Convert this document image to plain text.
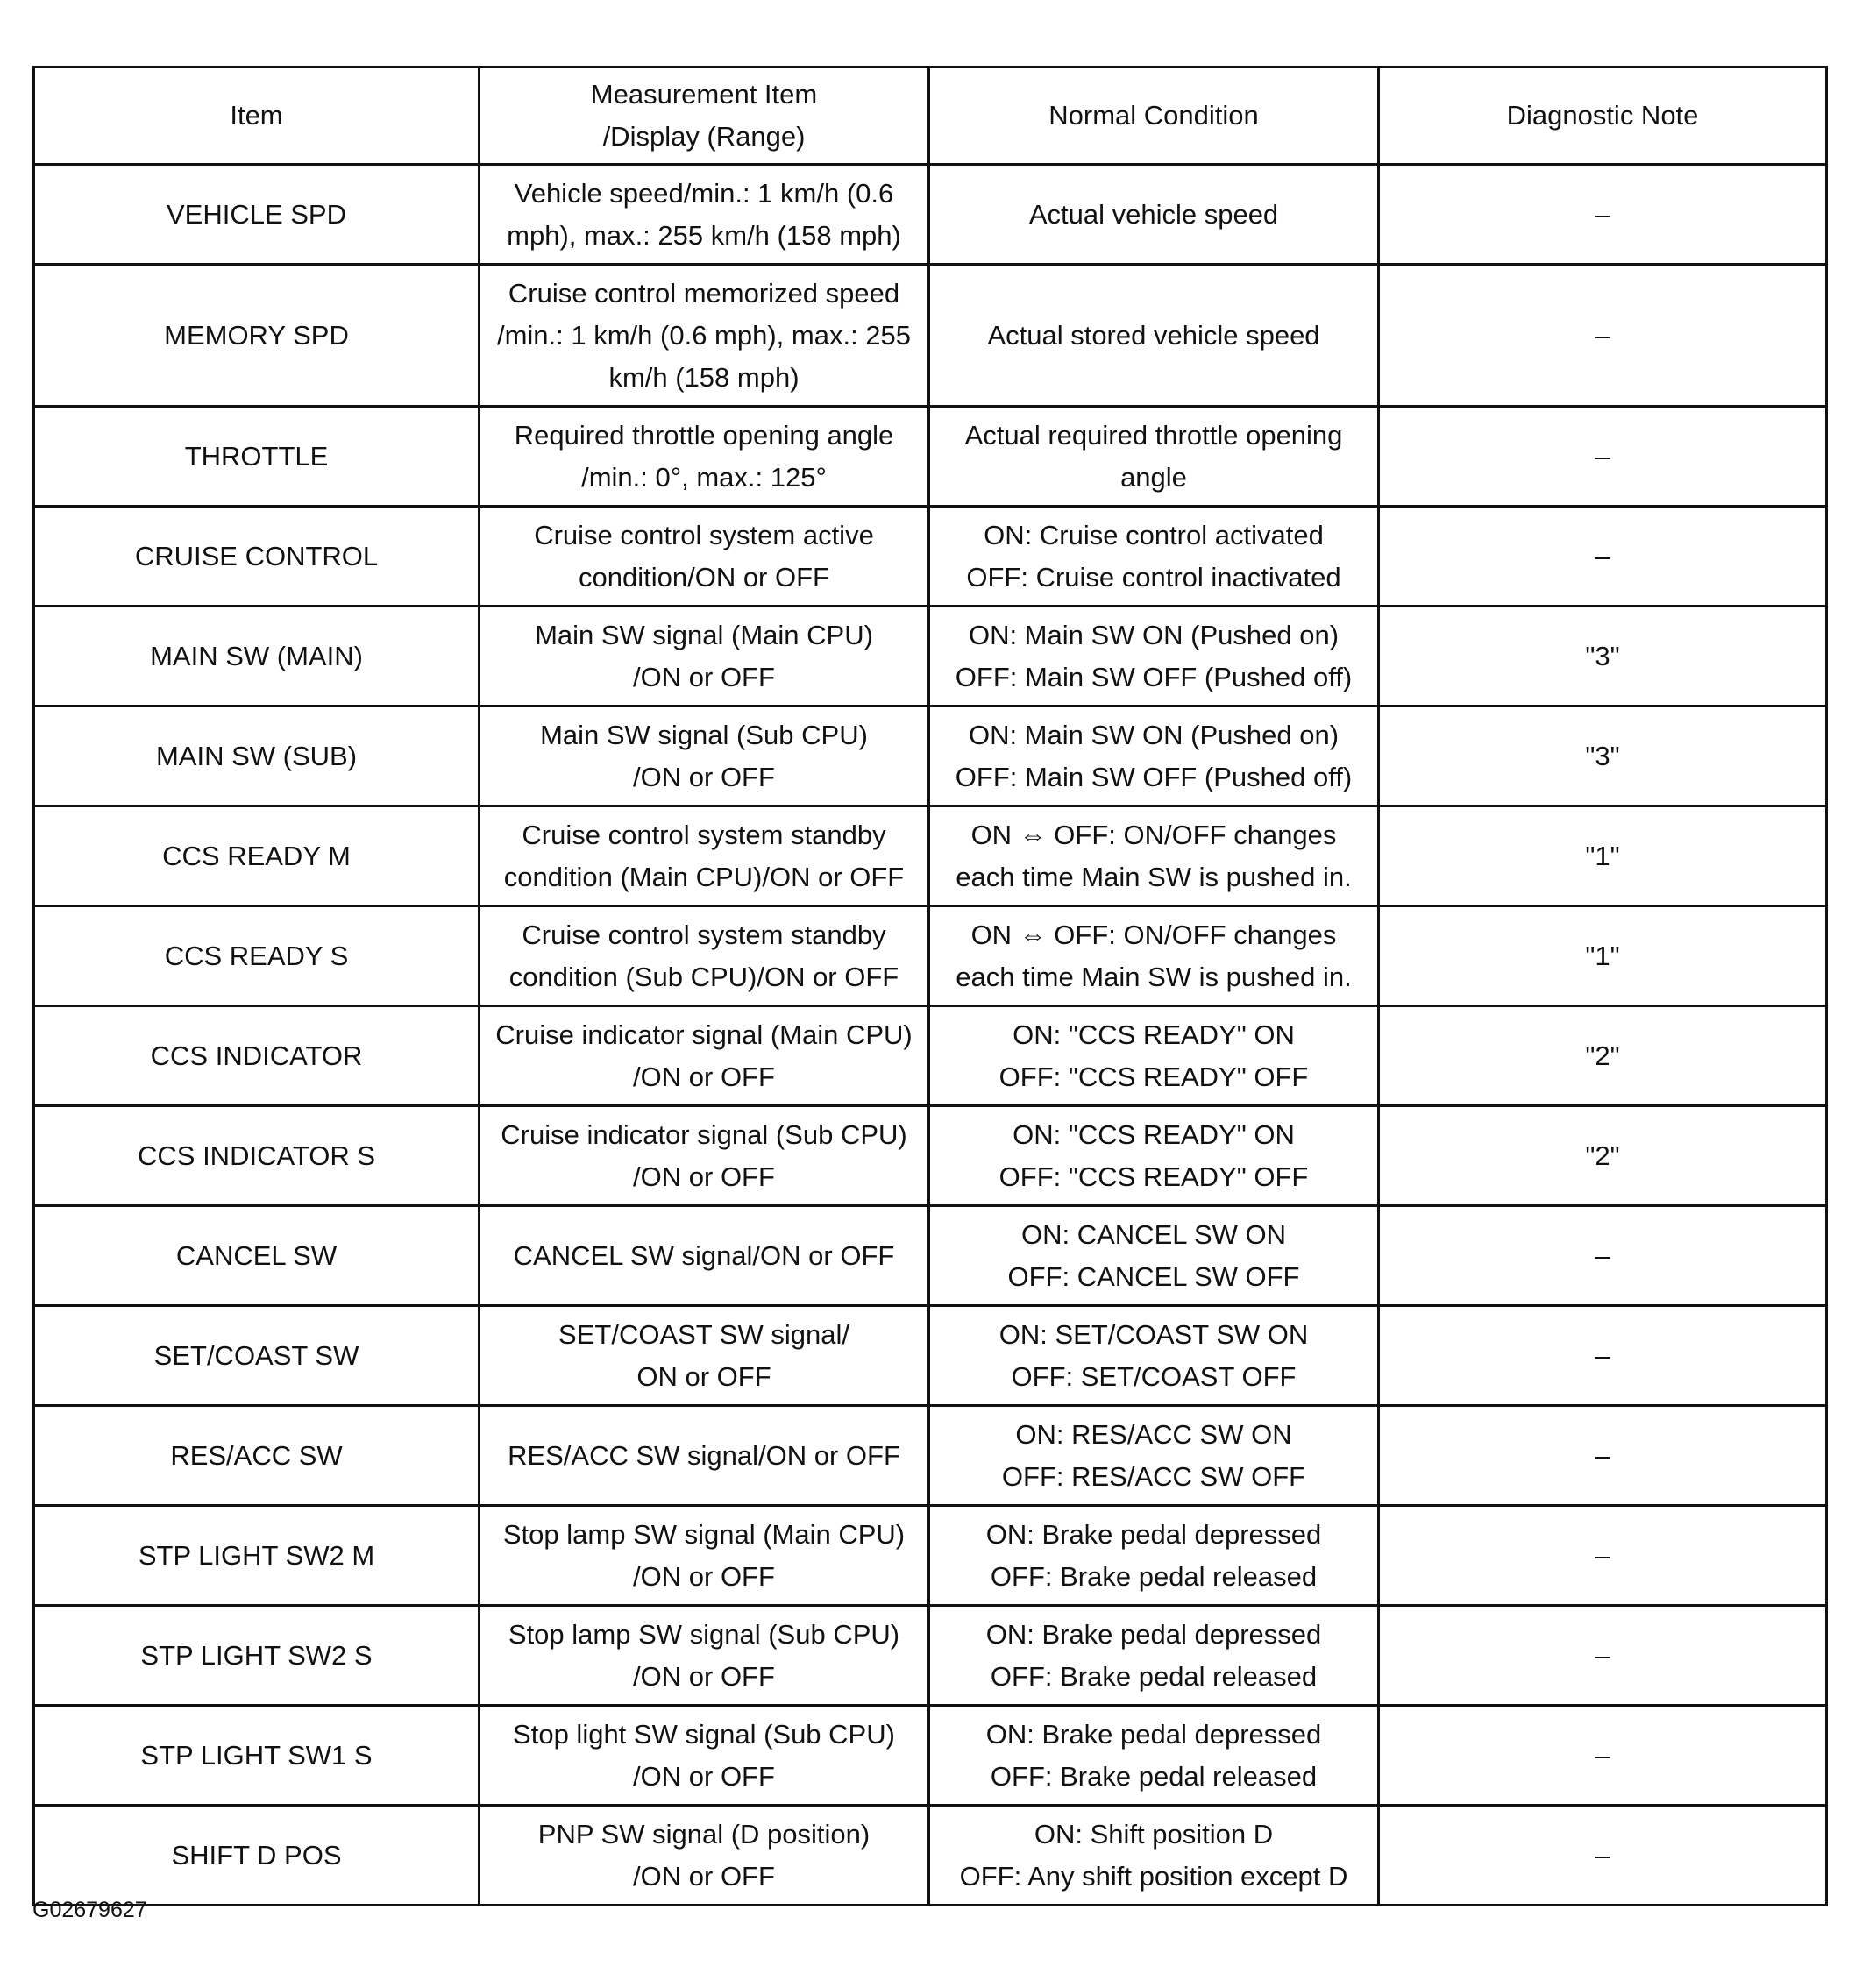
Item	Measurement Item
/Display (Range)	Normal Condition	Diagnostic Note
VEHICLE SPD	Vehicle speed/min.: 1 km/h (0.6
mph), max.: 255 km/h (158 mph)	Actual vehicle speed	–
MEMORY SPD	Cruise control memorized speed
/min.: 1 km/h (0.6 mph), max.: 255
km/h (158 mph)	Actual stored vehicle speed	–
THROTTLE	Required throttle opening angle
/min.: 0°, max.: 125°	Actual required throttle opening
angle	–
CRUISE CONTROL	Cruise control system active
condition/ON or OFF	ON: Cruise control activated
OFF: Cruise control inactivated	–
MAIN SW (MAIN)	Main SW signal (Main CPU)
/ON or OFF	ON: Main SW ON (Pushed on)
OFF: Main SW OFF (Pushed off)	"3"
MAIN SW (SUB)	Main SW signal (Sub CPU)
/ON or OFF	ON: Main SW ON (Pushed on)
OFF: Main SW OFF (Pushed off)	"3"
CCS READY M	Cruise control system standby
condition (Main CPU)/ON or OFF	ON ⇔ OFF: ON/OFF changes
each time Main SW is pushed in.	"1"
CCS READY S	Cruise control system standby
condition (Sub CPU)/ON or OFF	ON ⇔ OFF: ON/OFF changes
each time Main SW is pushed in.	"1"
CCS INDICATOR	Cruise indicator signal (Main CPU)
/ON or OFF	ON: "CCS READY" ON
OFF: "CCS READY" OFF	"2"
CCS INDICATOR S	Cruise indicator signal (Sub CPU)
/ON or OFF	ON: "CCS READY" ON
OFF: "CCS READY" OFF	"2"
CANCEL SW	CANCEL SW signal/ON or OFF	ON: CANCEL SW ON
OFF: CANCEL SW OFF	–
SET/COAST SW	SET/COAST SW signal/
ON or OFF	ON: SET/COAST SW ON
OFF: SET/COAST OFF	–
RES/ACC SW	RES/ACC SW signal/ON or OFF	ON: RES/ACC SW ON
OFF: RES/ACC SW OFF	–
STP LIGHT SW2 M	Stop lamp SW signal (Main CPU)
/ON or OFF	ON: Brake pedal depressed
OFF: Brake pedal released	–
STP LIGHT SW2 S	Stop lamp SW signal (Sub CPU)
/ON or OFF	ON: Brake pedal depressed
OFF: Brake pedal released	–
STP LIGHT SW1 S	Stop light SW signal (Sub CPU)
/ON or OFF	ON: Brake pedal depressed
OFF: Brake pedal released	–
SHIFT D POS	PNP SW signal (D position)
/ON or OFF	ON: Shift position D
OFF: Any shift position except D	–
G02679627
